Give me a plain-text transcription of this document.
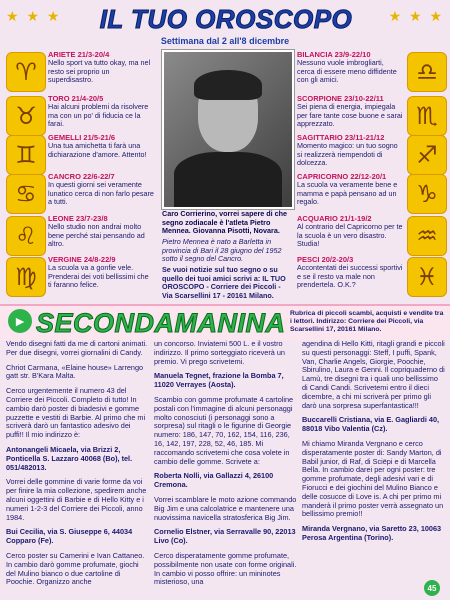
★ ★ ★	IL TUO OROSCOPO	★ ★ ★
Settimana dal 2 all'8 dicembre
♈
ARIETE 21/3-20/4
Nello sport va tutto okay, ma nel resto sei proprio un superdisastro.
♉
TORO 21/4-20/5
Hai alcuni problemi da risolvere ma con un po' di fiducia ce la farai.
♊
GEMELLI 21/5-21/6
Una tua amichetta ti farà una dichiarazione d'amore. Attento!
♋
CANCRO 22/6-22/7
In questi giorni sei veramente lunatico cerca di non farlo pesare a tutti.
♌
LEONE 23/7-23/8
Nello studio non andrai molto bene perché stai pensando ad altro.
♍
VERGINE 24/8-22/9
La scuola va a gonfie vele. Prenderai dei voti bellissimi che ti faranno felice.
♎
BILANCIA 23/9-22/10
Nessuno vuole imbrogliarti, cerca di essere meno diffidente con gli amici.
♏
SCORPIONE 23/10-22/11
Sei piena di energia, impiegala per fare tante cose buone e sarai apprezzato.
♐
SAGITTARIO 23/11-21/12
Momento magico: un tuo sogno si realizzerà riempendoti di dolcezza.
♑
CAPRICORNO 22/12-20/1
La scuola va veramente bene e mamma e papà pensano ad un regalo.
♒
ACQUARIO 21/1-19/2
Al contrario del Capricorno per te la scuola è un vero disastro. Studia!
♓
PESCI 20/2-20/3
Accontentati dei successi sportivi e se il resto va male non prendertela. O.K.?
Caro Corrierino, vorrei sapere di che segno zodiacale è l'atleta Pietro Mennea. Giovanna Pisotti, Novara.
Pietro Mennea è nato a Barletta in provincia di Bari il 28 giugno del 1952 sotto il segno del Cancro.
Se vuoi notizie sul tuo segno o su quello dei tuoi amici scrivi a: IL TUO OROSCOPO - Corriere dei Piccoli - Via Scarsellini 17 - 20161 Milano.
► SECONDAMANINA Rubrica di piccoli scambi, acquisti e vendite tra i lettori. Indirizzo: Corriere dei Piccoli, via Scarsellini 17, 20161 Milano.

Vendo disegni fatti da me di cartoni animati. Per due disegni, vorrei giornalini di Candy.

Chriot Carmana, «Elaine house» Larrengo gatt str. B'Kara Malta.

Cerco urgentemente il numero 43 del Corriere dei Piccoli. Completo di tutto! In cambio darò poster di biadesivi e gomme puzzette e vestiti di Barbie. Al primo che mi scriverà darò un fantastico adesivo dei puffi!! Il mio indirizzo è:

Antonangeli Micaela, via Brizzi 2, Ponticella S. Lazzaro 40068 (Bo), tel. 051/482013.

Vorrei delle gommine di varie forme da voi per finire la mia collezione, spedirem anche alcuni oggettini di Barbie e di Hello Kitty e i numeri 1-2-3 del Corriere dei Piccoli, anno 1984.

Bui Cecilia, via S. Giuseppe 6, 44034 Copparo (Fe).

Cerco poster su Camerini e Ivan Cattaneo. In cambio darò gomme profumate, giochi del Mulino bianco o due cartoline di Poochie. Organizzo anche

un concorso. Inviatemi 500 L. e il vostro indirizzo. Il primo sorteggiato riceverà un premio. Vi prego scrivetemi.

Manuela Tegnet, frazione la Bomba 7, 11020 Verrayes (Aosta).

Scambio con gomme profumate 4 cartoline postali con l'immagine di alcuni personaggi molto conosciuti (i personaggi sono a sorpresa) sul ritagli o le figurine di Georgie numero: 186, 147, 70, 162, 154, 116, 236, 16, 142, 197, 228, 52, 46, 185. Mi raccomando scrivetemi che cosa volete in cambio delle gomme. Scrivete a:

Roberta Nolli, via Gallazzi 4, 26100 Cremona.

Vorrei scamblare le moto azione commando Big Jim e una calcolatrice e mantenere una nuovissima navicella stratosferica Big Jim.

Cornelio Elstner, via Serravalle 90, 22013 Livo (Co).

Cerco disperatamente gomme profumate, possibilmente non usate con forme originali. In cambio vi posso offrire: un mininotes misterioso, una

agendina di Hello Kitti, ritagli grandi e piccoli su questi personaggi: Steff, I puffi, Spank, Van, Charlie Angels, Giorgie, Poochie, Sbirulino, Laura e Genni. Il copriquaderno di Lamù, tre disegni tra i quali uno bellissimo di Candi Candi. Scrivetemi entro il dieci dicembre, a chi mi scriverà per primo gli darò una sorpresa superfantastica!!!

Buccarelli Cristiana, via E. Gagliardi 40, 88018 Vibo Valentia (Cz).

Mi chiamo Miranda Vergnano e cerco disperatamente poster di: Sandy Marton, di Babil junior, di Raf, di Sciëpi e di Marcella Bella. In cambio darei per ogni poster: tre gomme profumate, degli adesivi vari e di Fiorucci e dei giochini del Mulino Bianco e delle cosucce di Love is. A chi per primo mi manderà il primo poster verrà assegnato un bellissimo premio!!

Miranda Vergnano, via Saretto 23, 10063 Perosa Argentina (Torino).

45
